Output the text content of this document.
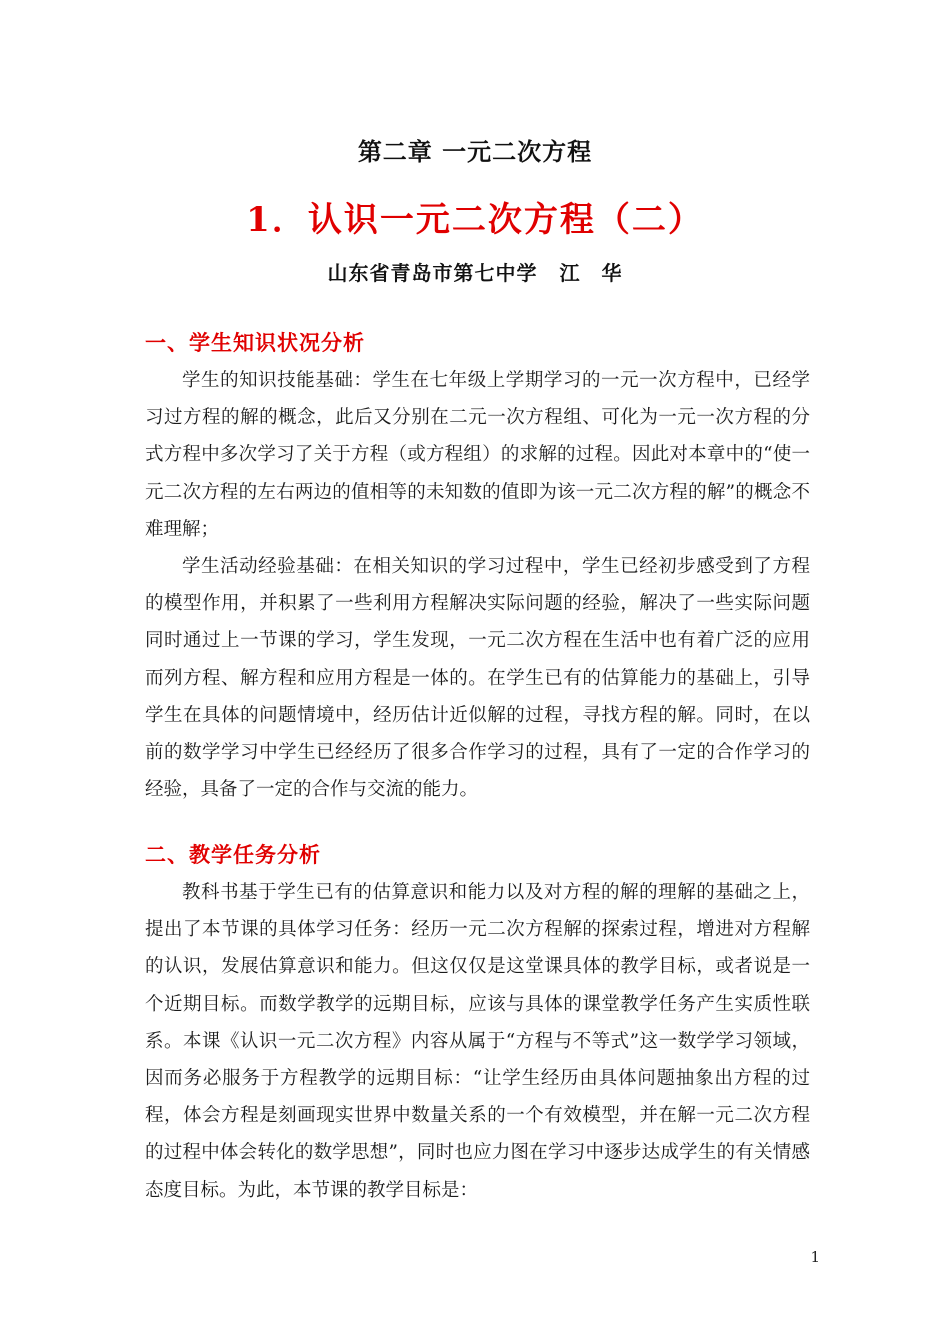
第二章 一元二次方程
1．认识一元二次方程（二）
山东省青岛市第七中学 江　华
一、学生知识状况分析

学生的知识技能基础：学生在七年级上学期学习的一元一次方程中，已经学习过方程的解的概念，此后又分别在二元一次方程组、可化为一元一次方程的分式方程中多次学习了关于方程（或方程组）的求解的过程。因此对本章中的“使一元二次方程的左右两边的值相等的未知数的值即为该一元二次方程的解”的概念不难理解；

学生活动经验基础：在相关知识的学习过程中，学生已经初步感受到了方程的模型作用，并积累了一些利用方程解决实际问题的经验，解决了一些实际问题同时通过上一节课的学习，学生发现，一元二次方程在生活中也有着广泛的应用而列方程、解方程和应用方程是一体的。在学生已有的估算能力的基础上，引导学生在具体的问题情境中，经历估计近似解的过程，寻找方程的解。同时，在以前的数学学习中学生已经经历了很多合作学习的过程，具有了一定的合作学习的经验，具备了一定的合作与交流的能力。

二、教学任务分析

教科书基于学生已有的估算意识和能力以及对方程的解的理解的基础之上，提出了本节课的具体学习任务：经历一元二次方程解的探索过程，增进对方程解的认识，发展估算意识和能力。但这仅仅是这堂课具体的教学目标，或者说是一个近期目标。而数学教学的远期目标，应该与具体的课堂教学任务产生实质性联系。本课《认识一元二次方程》内容从属于“方程与不等式”这一数学学习领域，因而务必服务于方程教学的远期目标：“让学生经历由具体问题抽象出方程的过程，体会方程是刻画现实世界中数量关系的一个有效模型，并在解一元二次方程的过程中体会转化的数学思想”，同时也应力图在学习中逐步达成学生的有关情感态度目标。为此，本节课的教学目标是：

1
